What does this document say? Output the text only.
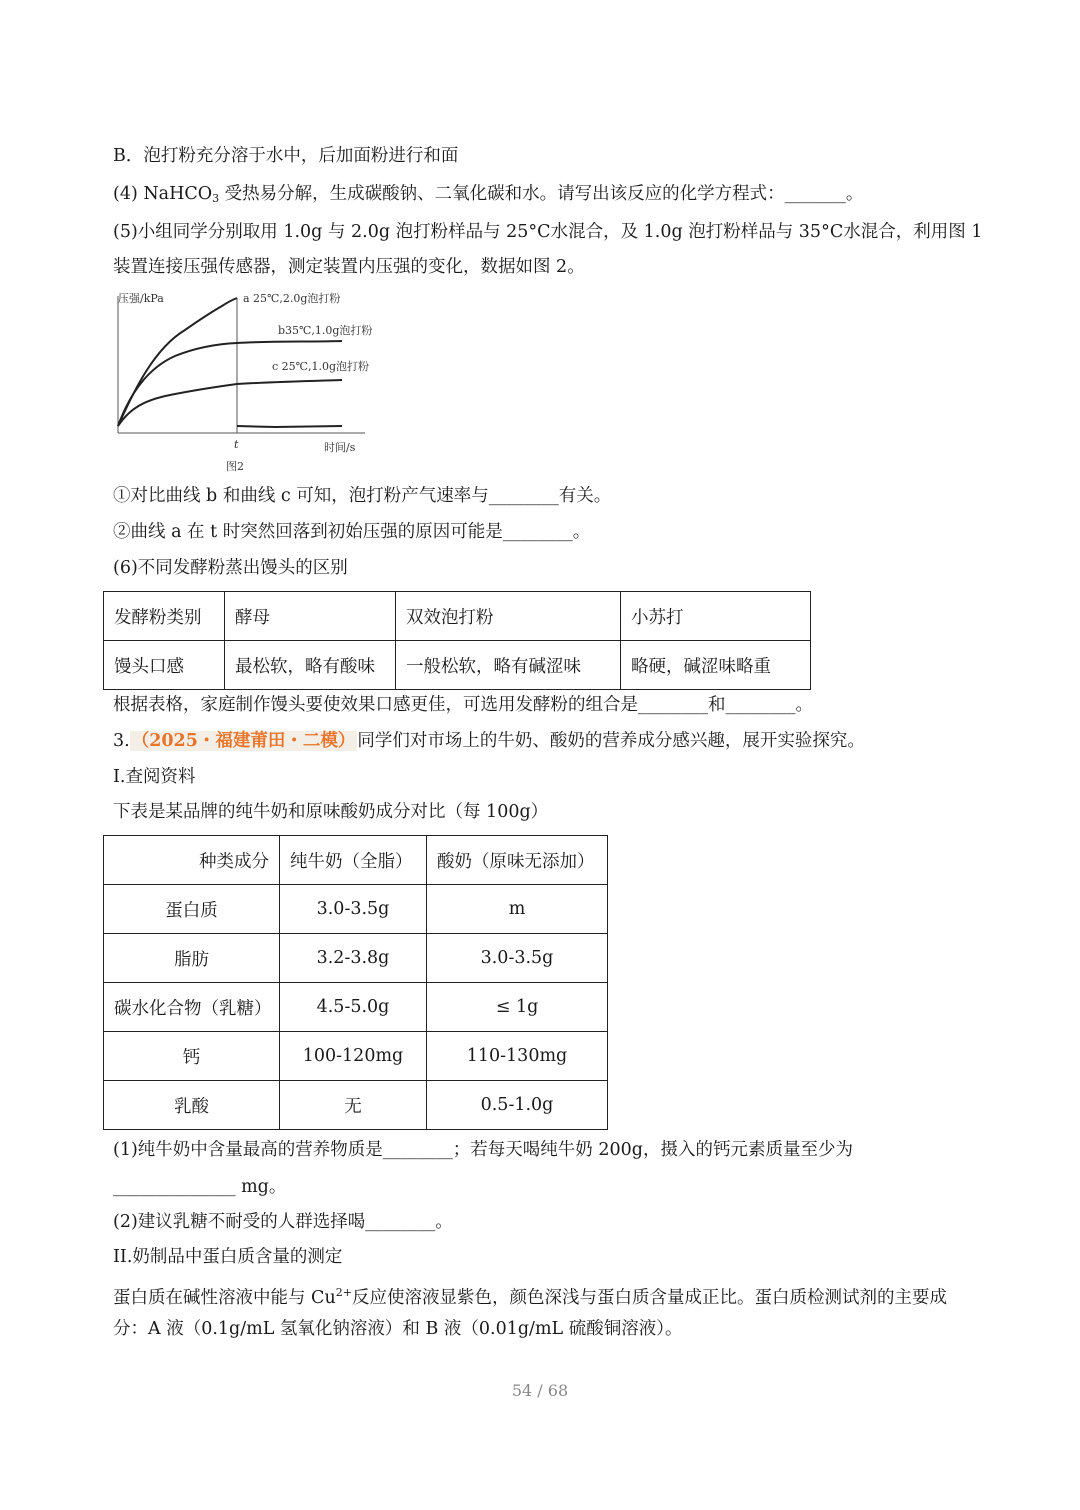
B．泡打粉充分溶于水中，后加面粉进行和面
(4) NaHCO$_3$ 受热易分解，生成碳酸钠、二氧化碳和水。请写出该反应的化学方程式：_______。
(5)小组同学分别取用 1.0g 与 2.0g 泡打粉样品与 25°C水混合，及 1.0g 泡打粉样品与 35°C水混合，利用图 1
装置连接压强传感器，测定装置内压强的变化，数据如图 2。
压强/kPa
时间/s
t
图2
a 25℃,2.0g泡打粉
b35℃,1.0g泡打粉
c 25℃,1.0g泡打粉
①对比曲线 b 和曲线 c 可知，泡打粉产气速率与________有关。
②曲线 a 在 t 时突然回落到初始压强的原因可能是________。
(6)不同发酵粉蒸出馒头的区别
发酵粉类别	酵母	双效泡打粉	小苏打
馒头口感	最松软，略有酸味	一般松软，略有碱涩味	略硬，碱涩味略重
根据表格，家庭制作馒头要使效果口感更佳，可选用发酵粉的组合是________和________。
3. （2025・福建莆田・二模） 同学们对市场上的牛奶、酸奶的营养成分感兴趣，展开实验探究。
I.查阅资料
下表是某品牌的纯牛奶和原味酸奶成分对比（每 100g）
种类成分	纯牛奶（全脂）	酸奶（原味无添加）
蛋白质	3.0-3.5g	m
脂肪	3.2-3.8g	3.0-3.5g
碳水化合物（乳糖）	4.5-5.0g	≤ 1g
钙	100-120mg	110-130mg
乳酸	无	0.5-1.0g
(1)纯牛奶中含量最高的营养物质是________；若每天喝纯牛奶 200g，摄入的钙元素质量至少为
______________ mg。
(2)建议乳糖不耐受的人群选择喝________。
II.奶制品中蛋白质含量的测定
蛋白质在碱性溶液中能与 $Cu^{2+}$反应使溶液显紫色，颜色深浅与蛋白质含量成正比。蛋白质检测试剂的主要成
分：A 液（0.1g/mL 氢氧化钠溶液）和 B 液（0.01g/mL 硫酸铜溶液）。
54 / 68
